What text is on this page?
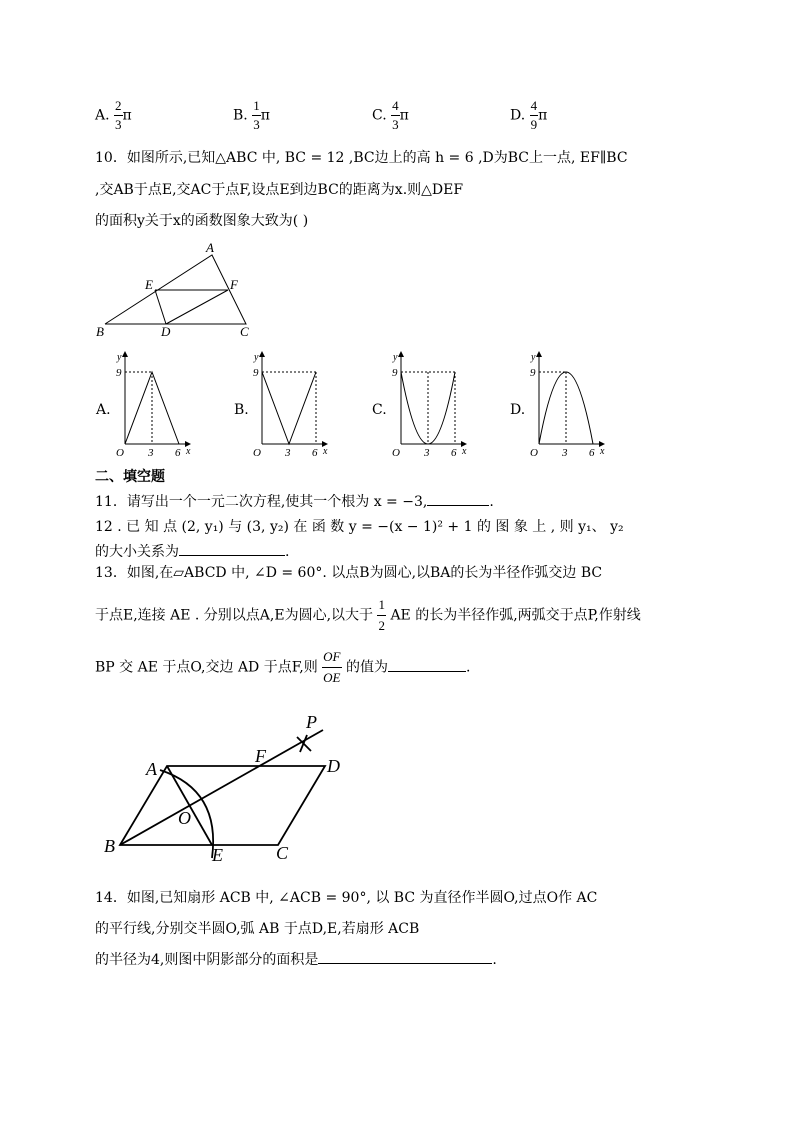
A. $\frac{2}{3}$ π	B. $\frac{1}{3}$ π	C. $\frac{4}{3}$ π	D. $\frac{4}{9}$ π
10．如图所示,已知△ABC 中, BC = 12 ,BC边上的高 h = 6 ,D为BC上一点, EF∥BC
,交AB于点E,交AC于点F,设点E到边BC的距离为x.则△DEF
的面积y关于x的函数图象大致为( )
A
E	F
B	D	C
A.	B.	C.	D.
y
9
O 3 6 x
y
9
O 3 6 x
y
9
O 3 6 x
y
9
O 3 6 x
二、填空题
11．请写出一个一元二次方程,使其一个根为 x = −3,	.
12 . 已 知 点 (2, y₁) 与 (3, y₂) 在 函 数 y = −(x − 1)² + 1 的 图 象 上 , 则 y₁、 y₂
的大小关系为	.
13．如图,在▱ABCD 中, ∠D = 60°. 以点B为圆心,以BA的长为半径作弧交边 BC
于点E,连接 AE . 分别以点A,E为圆心,以大于 $\frac{1}{2}$ AE 的长为半径作弧,两弧交于点P,作射线
BP 交 AE 于点O,交边 AD 于点F,则 $\frac{OF}{OE}$ 的值为	.
A
B	C
D
E
F
O
P
14．如图,已知扇形 ACB 中, ∠ACB = 90°, 以 BC 为直径作半圆O,过点O作 AC
的平行线,分别交半圆O,弧 AB 于点D,E,若扇形 ACB
的半径为4,则图中阴影部分的面积是	.
